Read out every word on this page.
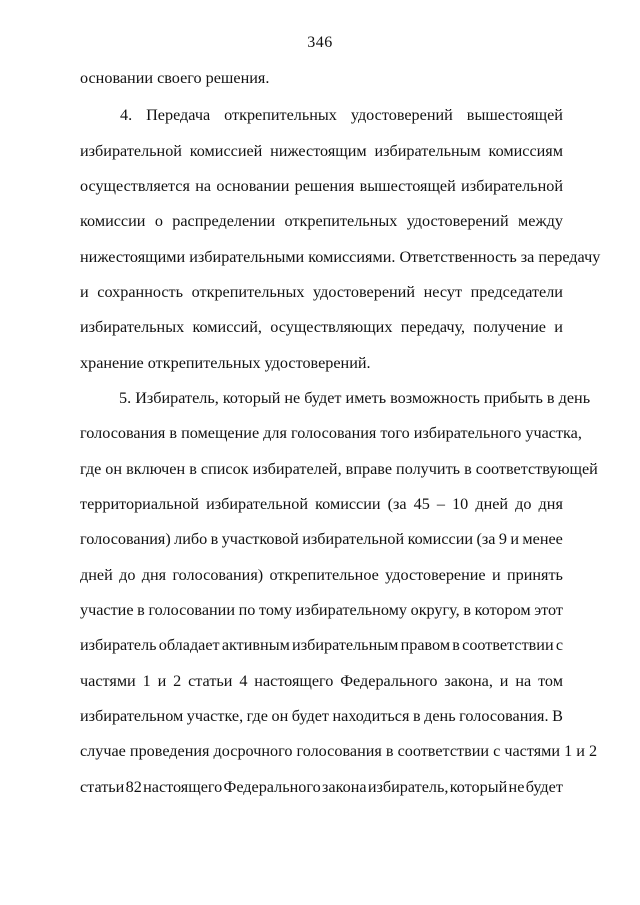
346
основании своего решения.
4. Передача открепительных удостоверений вышестоящей
избирательной комиссией нижестоящим избирательным комиссиям
осуществляется на основании решения вышестоящей избирательной
комиссии о распределении открепительных удостоверений между
нижестоящими избирательными комиссиями. Ответственность за передачу
и сохранность открепительных удостоверений несут председатели
избирательных комиссий, осуществляющих передачу, получение и
хранение открепительных удостоверений.
5. Избиратель, который не будет иметь возможность прибыть в день
голосования в помещение для голосования того избирательного участка,
где он включен в список избирателей, вправе получить в соответствующей
территориальной избирательной комиссии (за 45 – 10 дней до дня
голосования) либо в участковой избирательной комиссии (за 9 и менее
дней до дня голосования) открепительное удостоверение и принять
участие в голосовании по тому избирательному округу, в котором этот
избиратель обладает активным избирательным правом в соответствии с
частями 1 и 2 статьи 4 настоящего Федерального закона, и на том
избирательном участке, где он будет находиться в день голосования. В
случае проведения досрочного голосования в соответствии с частями 1 и 2
статьи 82 настоящего Федерального закона избиратель, который не будет
